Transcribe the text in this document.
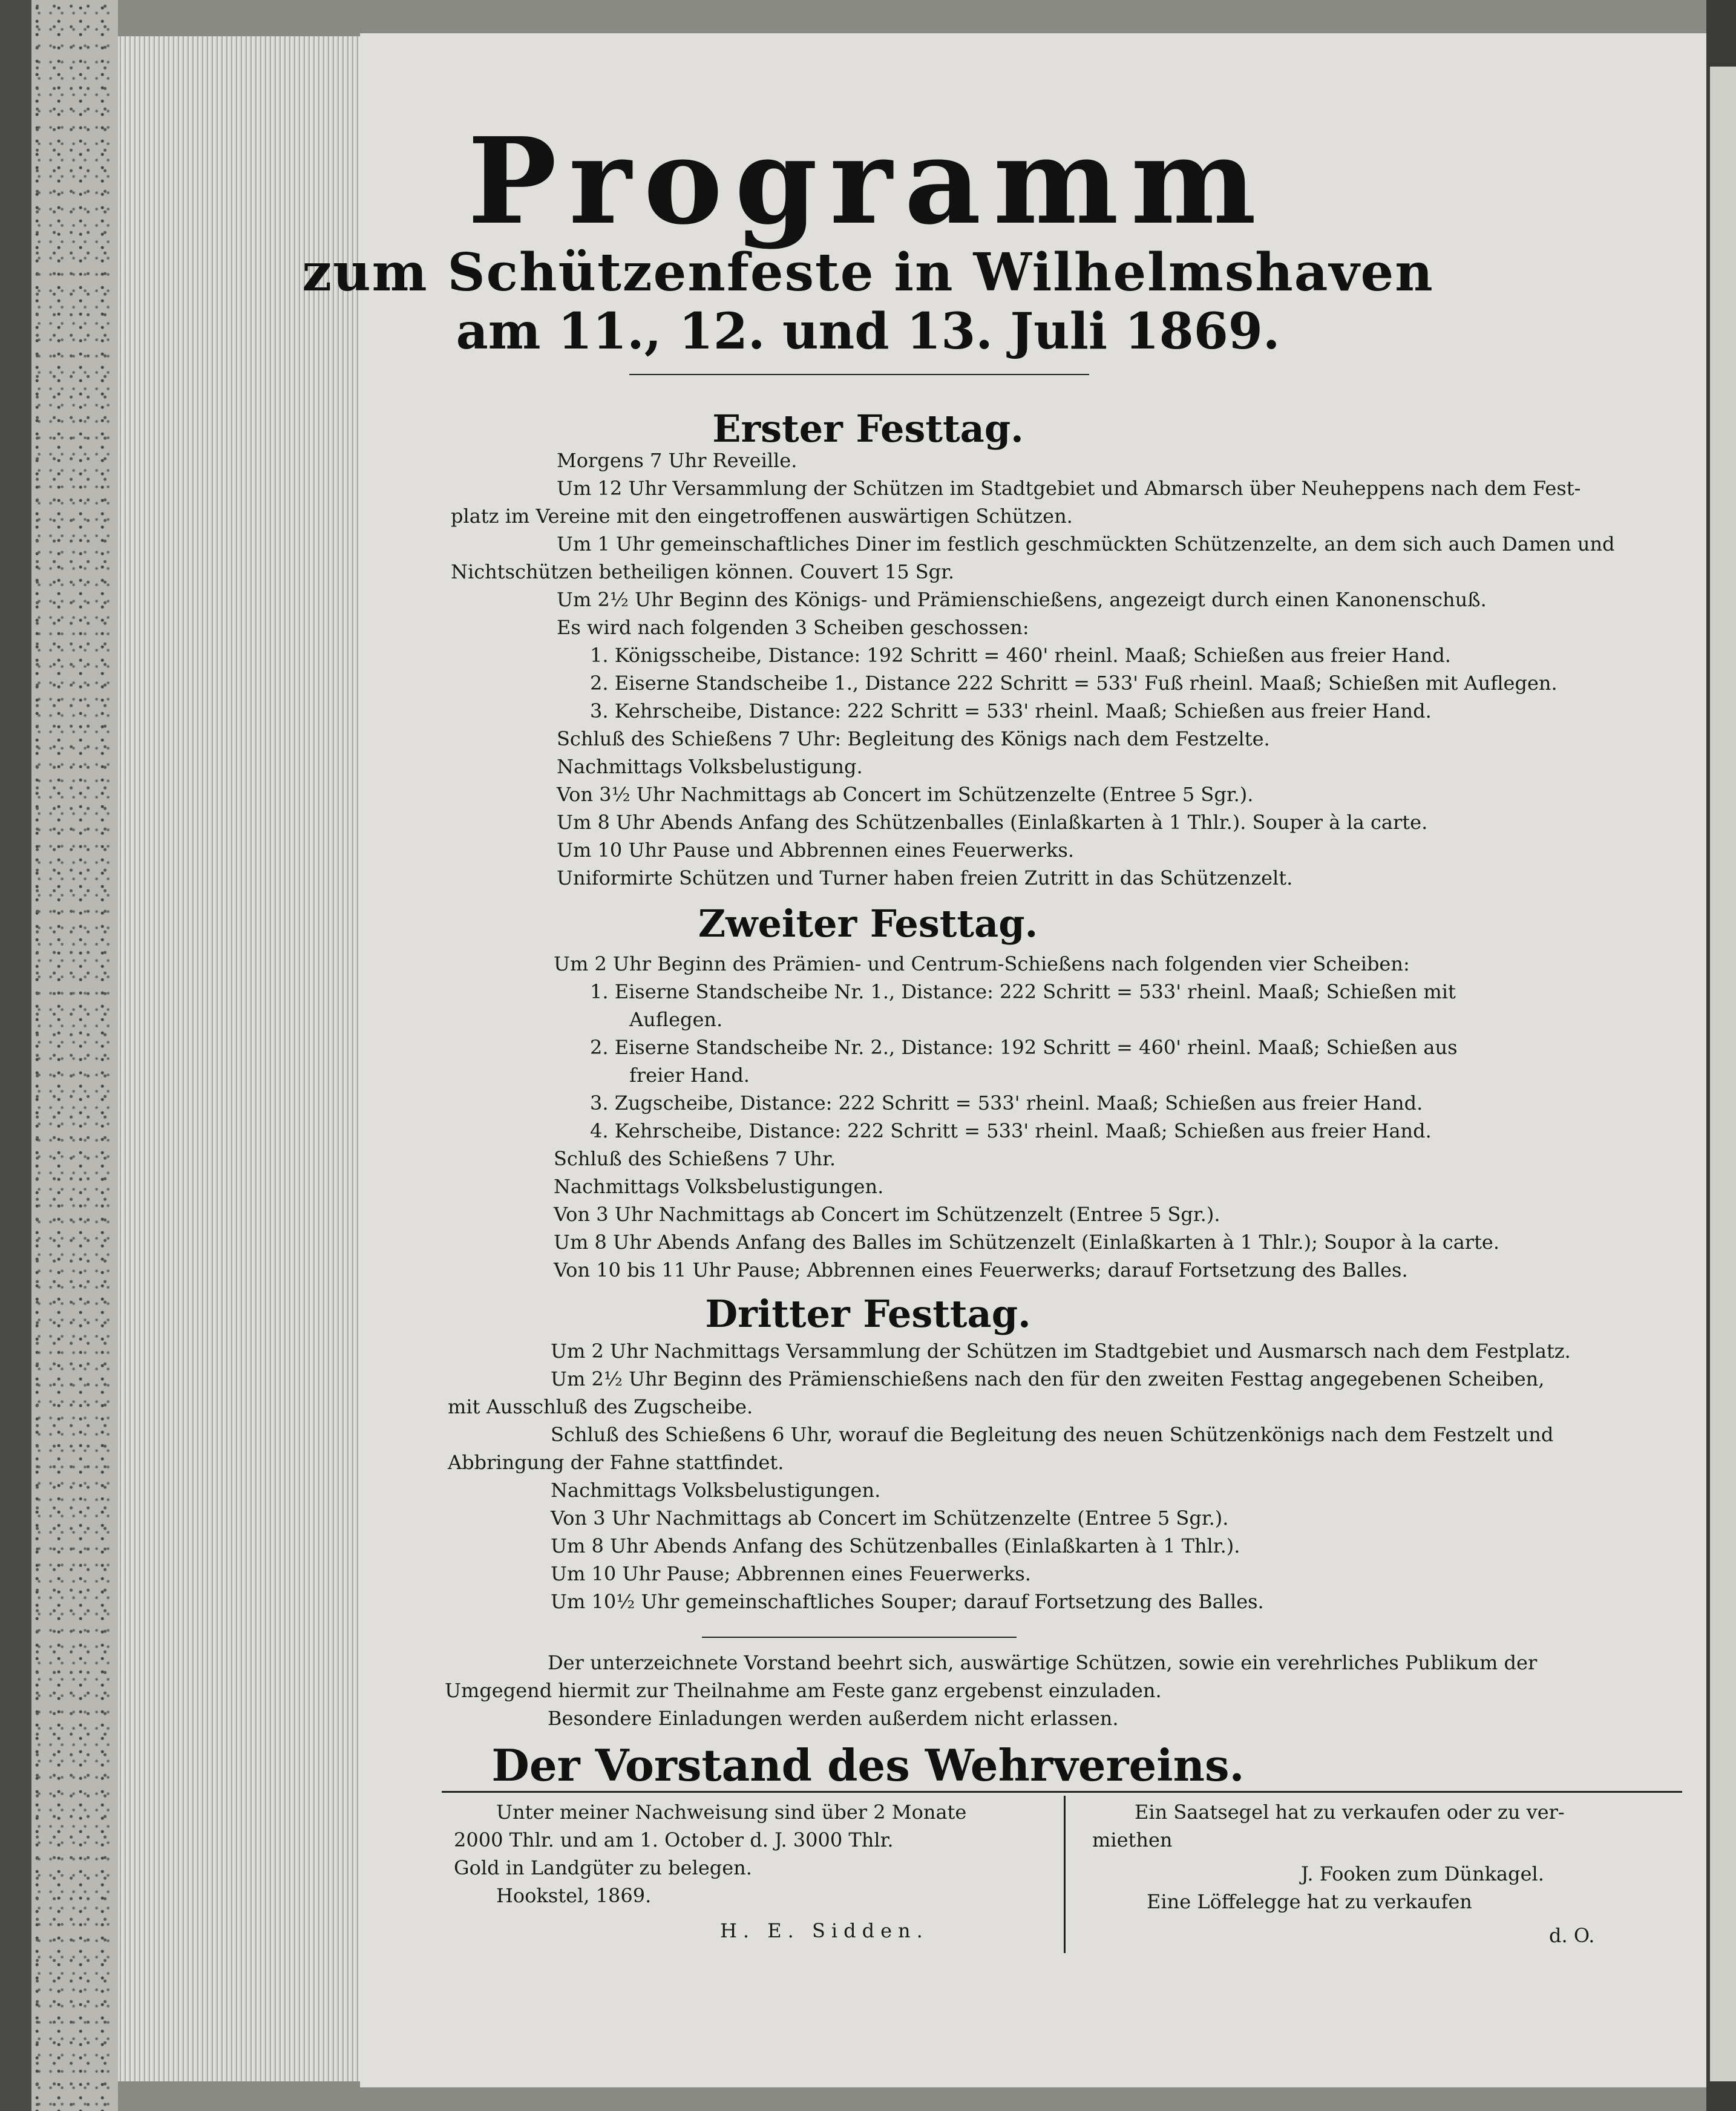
Programm
zum Schützenfeste in Wilhelmshaven
am 11., 12. und 13. Juli 1869.
Erster Festtag.
Morgens 7 Uhr Reveille.
Um 12 Uhr Versammlung der Schützen im Stadtgebiet und Abmarsch über Neuheppens nach dem Fest-
platz im Vereine mit den eingetroffenen auswärtigen Schützen.
Um 1 Uhr gemeinschaftliches Diner im festlich geschmückten Schützenzelte, an dem sich auch Damen und
Nichtschützen betheiligen können. Couvert 15 Sgr.
Um 2½ Uhr Beginn des Königs- und Prämienschießens, angezeigt durch einen Kanonenschuß.
Es wird nach folgenden 3 Scheiben geschossen:
1. Königsscheibe, Distance: 192 Schritt = 460' rheinl. Maaß; Schießen aus freier Hand.
2. Eiserne Standscheibe 1., Distance 222 Schritt = 533' Fuß rheinl. Maaß; Schießen mit Auflegen.
3. Kehrscheibe, Distance: 222 Schritt = 533' rheinl. Maaß; Schießen aus freier Hand.
Schluß des Schießens 7 Uhr: Begleitung des Königs nach dem Festzelte.
Nachmittags Volksbelustigung.
Von 3½ Uhr Nachmittags ab Concert im Schützenzelte (Entree 5 Sgr.).
Um 8 Uhr Abends Anfang des Schützenballes (Einlaßkarten à 1 Thlr.). Souper à la carte.
Um 10 Uhr Pause und Abbrennen eines Feuerwerks.
Uniformirte Schützen und Turner haben freien Zutritt in das Schützenzelt.
Zweiter Festtag.
Um 2 Uhr Beginn des Prämien- und Centrum-Schießens nach folgenden vier Scheiben:
1. Eiserne Standscheibe Nr. 1., Distance: 222 Schritt = 533' rheinl. Maaß; Schießen mit
Auflegen.
2. Eiserne Standscheibe Nr. 2., Distance: 192 Schritt = 460' rheinl. Maaß; Schießen aus
freier Hand.
3. Zugscheibe, Distance: 222 Schritt = 533' rheinl. Maaß; Schießen aus freier Hand.
4. Kehrscheibe, Distance: 222 Schritt = 533' rheinl. Maaß; Schießen aus freier Hand.
Schluß des Schießens 7 Uhr.
Nachmittags Volksbelustigungen.
Von 3 Uhr Nachmittags ab Concert im Schützenzelt (Entree 5 Sgr.).
Um 8 Uhr Abends Anfang des Balles im Schützenzelt (Einlaßkarten à 1 Thlr.); Soupor à la carte.
Von 10 bis 11 Uhr Pause; Abbrennen eines Feuerwerks; darauf Fortsetzung des Balles.
Dritter Festtag.
Um 2 Uhr Nachmittags Versammlung der Schützen im Stadtgebiet und Ausmarsch nach dem Festplatz.
Um 2½ Uhr Beginn des Prämienschießens nach den für den zweiten Festtag angegebenen Scheiben,
mit Ausschluß des Zugscheibe.
Schluß des Schießens 6 Uhr, worauf die Begleitung des neuen Schützenkönigs nach dem Festzelt und
Abbringung der Fahne stattfindet.
Nachmittags Volksbelustigungen.
Von 3 Uhr Nachmittags ab Concert im Schützenzelte (Entree 5 Sgr.).
Um 8 Uhr Abends Anfang des Schützenballes (Einlaßkarten à 1 Thlr.).
Um 10 Uhr Pause; Abbrennen eines Feuerwerks.
Um 10½ Uhr gemeinschaftliches Souper; darauf Fortsetzung des Balles.
Der unterzeichnete Vorstand beehrt sich, auswärtige Schützen, sowie ein verehrliches Publikum der
Umgegend hiermit zur Theilnahme am Feste ganz ergebenst einzuladen.
Besondere Einladungen werden außerdem nicht erlassen.
Der Vorstand des Wehrvereins.
Unter meiner Nachweisung sind über 2 Monate
2000 Thlr. und am 1. October d. J. 3000 Thlr.
Gold in Landgüter zu belegen.
Hookstel, 1869.
H. E. Sidden.
Ein Saatsegel hat zu verkaufen oder zu ver-
miethen
J. Fooken zum Dünkagel.
Eine Löffelegge hat zu verkaufen
d. O.
